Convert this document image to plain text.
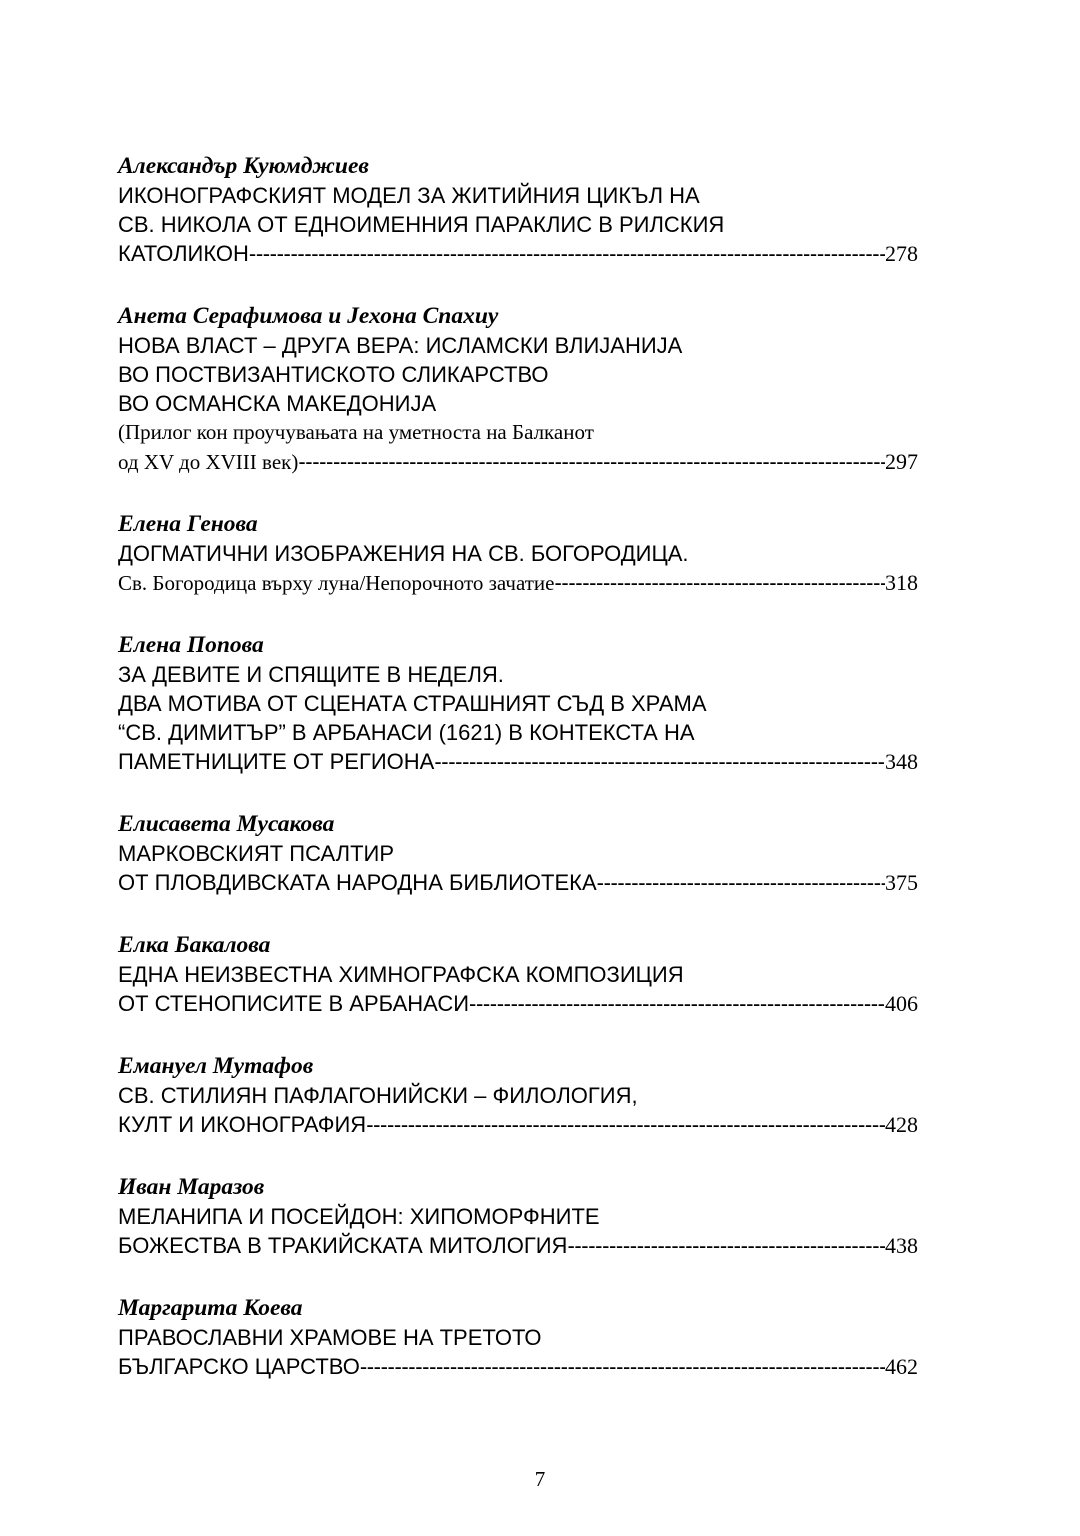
Александър Куюмджиев
ИКОНОГРАФСКИЯТ МОДЕЛ ЗА ЖИТИЙНИЯ ЦИКЪЛ НА
СВ. НИКОЛА ОТ ЕДНОИМЕННИЯ ПАРАКЛИС В РИЛСКИЯ
КАТОЛИКОН -----	278
Анета Серафимова и Јехона Спахиу
НОВА ВЛАСТ – ДРУГА ВЕРА: ИСЛАМСКИ ВЛИЈАНИЈА
ВО ПОСТВИЗАНТИСКОТО СЛИКАРСТВО
ВО ОСМАНСКА МАКЕДОНИЈА
(Прилог кон проучувањата на уметноста на Балканот
од XV до XVIII век) -----	297
Елена Генова
ДОГМАТИЧНИ ИЗОБРАЖЕНИЯ НА СВ. БОГОРОДИЦА.
Св. Богородица върху луна/Непорочното зачатие -----	318
Елена Попова
ЗА ДЕВИТЕ И СПЯЩИТЕ В НЕДЕЛЯ.
ДВА МОТИВА ОТ СЦЕНАТА СТРАШНИЯТ СЪД В ХРАМА
“СВ. ДИМИТЪР” В АРБАНАСИ (1621) В КОНТЕКСТА НА
ПАМЕТНИЦИТЕ ОТ РЕГИОНА -----	348
Елисавета Мусакова
МАРКОВСКИЯТ ПСАЛТИР
ОТ ПЛОВДИВСКАТА НАРОДНА БИБЛИОТЕКА -----	375
Елка Бакалова
ЕДНА НЕИЗВЕСТНА ХИМНОГРАФСКА КОМПОЗИЦИЯ
ОТ СТЕНОПИСИТЕ В АРБАНАСИ -----	406
Емануел Мутафов
СВ. СТИЛИЯН ПАФЛАГОНИЙСКИ – ФИЛОЛОГИЯ,
КУЛТ И ИКОНОГРАФИЯ -----	428
Иван Маразов
МЕЛАНИПА И ПОСЕЙДОН: ХИПОМОРФНИТЕ
БОЖЕСТВА В ТРАКИЙСКАТА МИТОЛОГИЯ -----	438
Маргарита Коева
ПРАВОСЛАВНИ ХРАМОВЕ НА ТРЕТОТО
БЪЛГАРСКО ЦАРСТВО -----	462
7
